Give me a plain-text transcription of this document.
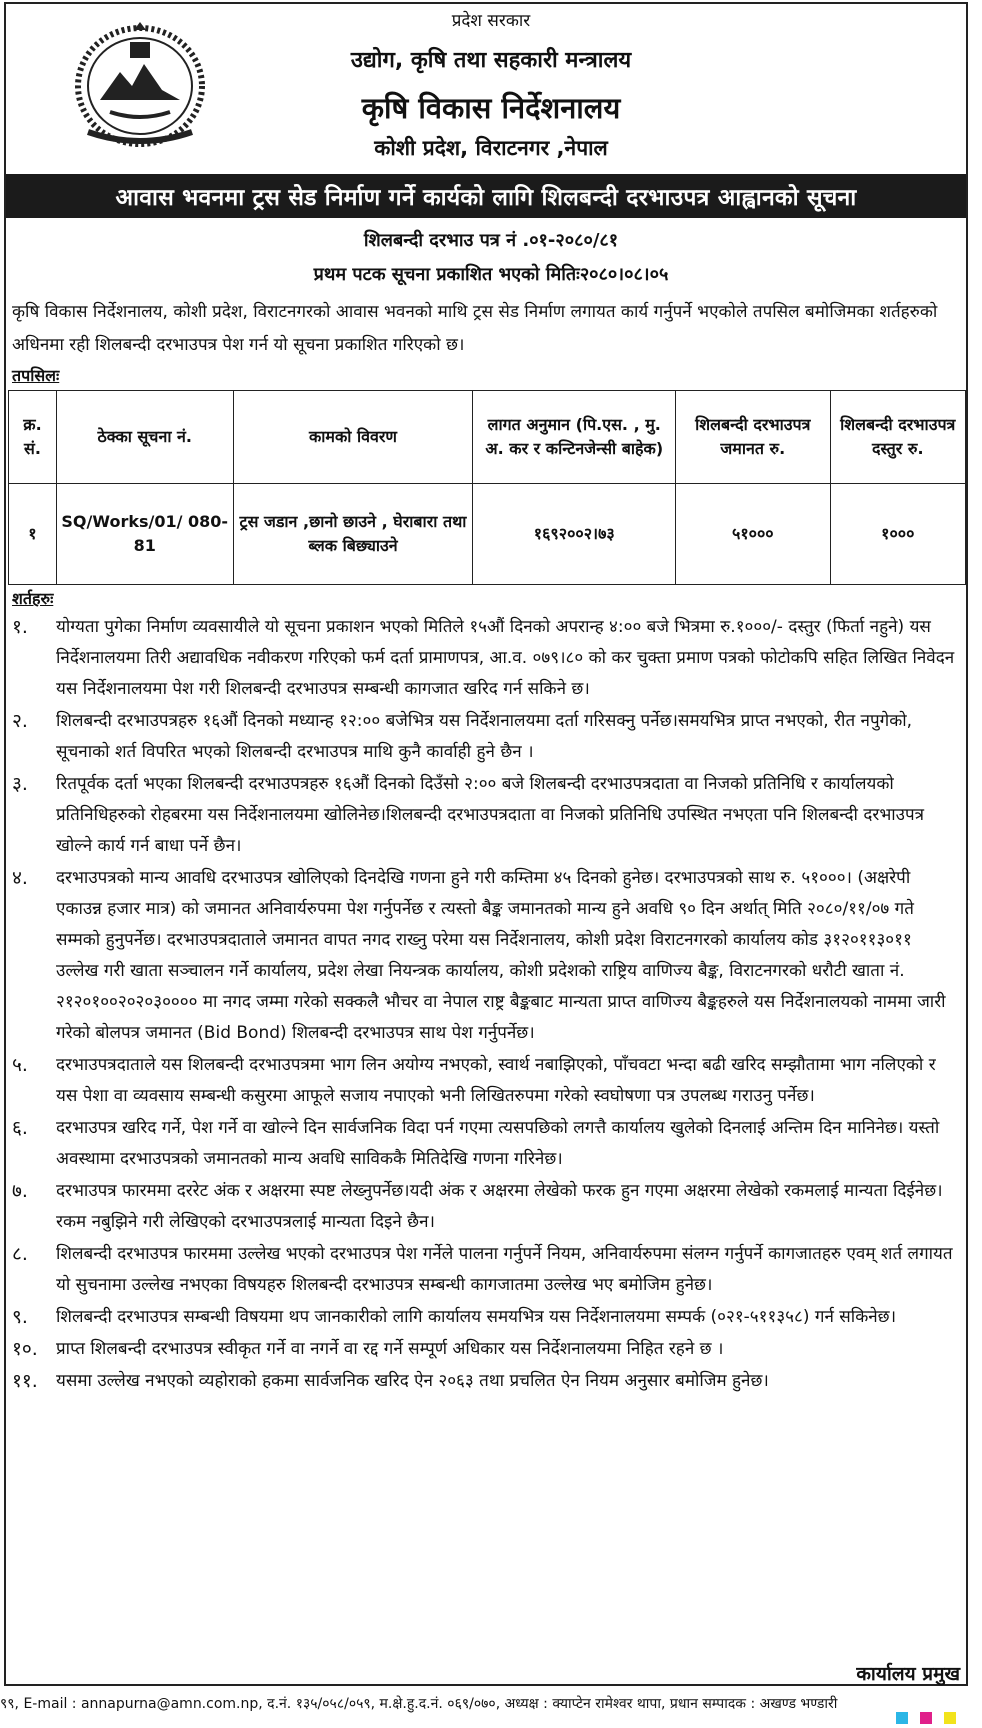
प्रदेश सरकार
उद्योग, कृषि तथा सहकारी मन्त्रालय
कृषि विकास निर्देशनालय
कोशी प्रदेश, विराटनगर ,नेपाल
आवास भवनमा ट्रस सेड निर्माण गर्ने कार्यको लागि शिलबन्दी दरभाउपत्र आह्वानको सूचना
शिलबन्दी दरभाउ पत्र नं .०१-२०८०/८१
प्रथम पटक सूचना प्रकाशित भएको मितिः२०८०।०८।०५
कृषि विकास निर्देशनालय, कोशी प्रदेश, विराटनगरको आवास भवनको माथि ट्रस सेड निर्माण लगायत कार्य गर्नुपर्ने भएकोले तपसिल बमोजिमका शर्तहरुको अधिनमा रही शिलबन्दी दरभाउपत्र पेश गर्न यो सूचना प्रकाशित गरिएको छ।
तपसिलः
क्र. सं.	ठेक्का सूचना नं.	कामको विवरण	लागत अनुमान (पि.एस. , मु. अ. कर र कन्टिनजेन्सी बाहेक)	शिलबन्दी दरभाउपत्र जमानत रु.	शिलबन्दी दरभाउपत्र दस्तुर रु.
१	SQ/Works/01/ 080-81	ट्रस जडान ,छानो छाउने , घेराबारा तथा ब्लक बिछ्याउने	१६९२००२।७३	५१०००	१०००
शर्तहरुः
१.	योग्यता पुगेका निर्माण व्यवसायीले यो सूचना प्रकाशन भएको मितिले १५औं दिनको अपरान्ह ४:०० बजे भित्रमा रु.१०००/- दस्तुर (फिर्ता नहुने) यस निर्देशनालयमा तिरी अद्यावधिक नवीकरण गरिएको फर्म दर्ता प्रामाणपत्र, आ.व. ०७९।८० को कर चुक्ता प्रमाण पत्रको फोटोकपि सहित लिखित निवेदन यस निर्देशनालयमा पेश गरी शिलबन्दी दरभाउपत्र सम्बन्धी कागजात खरिद गर्न सकिने छ।
२.	शिलबन्दी दरभाउपत्रहरु १६औं दिनको मध्यान्ह १२:०० बजेभित्र यस निर्देशनालयमा दर्ता गरिसक्नु पर्नेछ।समयभित्र प्राप्त नभएको, रीत नपुगेको, सूचनाको शर्त विपरित भएको शिलबन्दी दरभाउपत्र माथि कुनै कार्वाही हुने छैन ।
३.	रितपूर्वक दर्ता भएका शिलबन्दी दरभाउपत्रहरु १६औं दिनको दिउँसो २:०० बजे शिलबन्दी दरभाउपत्रदाता वा निजको प्रतिनिधि र कार्यालयको प्रतिनिधिहरुको रोहबरमा यस निर्देशनालयमा खोलिनेछ।शिलबन्दी दरभाउपत्रदाता वा निजको प्रतिनिधि उपस्थित नभएता पनि शिलबन्दी दरभाउपत्र खोल्ने कार्य गर्न बाधा पर्ने छैन।
४.	दरभाउपत्रको मान्य आवधि दरभाउपत्र खोलिएको दिनदेखि गणना हुने गरी कम्तिमा ४५ दिनको हुनेछ। दरभाउपत्रको साथ रु. ५१०००। (अक्षरेपी एकाउन्न हजार मात्र) को जमानत अनिवार्यरुपमा पेश गर्नुपर्नेछ र त्यस्तो बैङ्क जमानतको मान्य हुने अवधि ९० दिन अर्थात् मिति २०८०/११/०७ गते सम्मको हुनुपर्नेछ। दरभाउपत्रदाताले जमानत वापत नगद राख्नु परेमा यस निर्देशनालय, कोशी प्रदेश विराटनगरको कार्यालय कोड ३१२०११३०११ उल्लेख गरी खाता सञ्चालन गर्ने कार्यालय, प्रदेश लेखा नियन्त्रक कार्यालय, कोशी प्रदेशको राष्ट्रिय वाणिज्य बैङ्क, विराटनगरको धरौटी खाता नं. २१२०१००२०२०३०००० मा नगद जम्मा गरेको सक्कलै भौचर वा नेपाल राष्ट्र बैङ्कबाट मान्यता प्राप्त वाणिज्य बैङ्कहरुले यस निर्देशनालयको नाममा जारी गरेको बोलपत्र जमानत (Bid Bond) शिलबन्दी दरभाउपत्र साथ पेश गर्नुपर्नेछ।
५.	दरभाउपत्रदाताले यस शिलबन्दी दरभाउपत्रमा भाग लिन अयोग्य नभएको, स्वार्थ नबाझिएको, पाँचवटा भन्दा बढी खरिद सम्झौतामा भाग नलिएको र यस पेशा वा व्यवसाय सम्बन्धी कसुरमा आफूले सजाय नपाएको भनी लिखितरुपमा गरेको स्वघोषणा पत्र उपलब्ध गराउनु पर्नेछ।
६.	दरभाउपत्र खरिद गर्ने, पेश गर्ने वा खोल्ने दिन सार्वजनिक विदा पर्न गएमा त्यसपछिको लगत्तै कार्यालय खुलेको दिनलाई अन्तिम दिन मानिनेछ। यस्तो अवस्थामा दरभाउपत्रको जमानतको मान्य अवधि साविककै मितिदेखि गणना गरिनेछ।
७.	दरभाउपत्र फारममा दररेट अंक र अक्षरमा स्पष्ट लेख्नुपर्नेछ।यदी अंक र अक्षरमा लेखेको फरक हुन गएमा अक्षरमा लेखेको रकमलाई मान्यता दिईनेछ। रकम नबुझिने गरी लेखिएको दरभाउपत्रलाई मान्यता दिइने छैन।
८.	शिलबन्दी दरभाउपत्र फारममा उल्लेख भएको दरभाउपत्र पेश गर्नेले पालना गर्नुपर्ने नियम, अनिवार्यरुपमा संलग्न गर्नुपर्ने कागजातहरु एवम् शर्त लगायत यो सुचनामा उल्लेख नभएका विषयहरु शिलबन्दी दरभाउपत्र सम्बन्धी कागजातमा उल्लेख भए बमोजिम हुनेछ।
९.	शिलबन्दी दरभाउपत्र सम्बन्धी विषयमा थप जानकारीको लागि कार्यालय समयभित्र यस निर्देशनालयमा सम्पर्क (०२१-५११३५८) गर्न सकिनेछ।
१०.	प्राप्त शिलबन्दी दरभाउपत्र स्वीकृत गर्ने वा नगर्ने वा रद्द गर्ने सम्पूर्ण अधिकार यस निर्देशनालयमा निहित रहने छ ।
११.	यसमा उल्लेख नभएको व्यहोराको हकमा सार्वजनिक खरिद ऐन २०६३ तथा प्रचलित ऐन नियम अनुसार बमोजिम हुनेछ।
कार्यालय प्रमुख
९९, E-mail : annapurna@amn.com.np, द.नं. १३५/०५८/०५९, म.क्षे.हु.द.नं. ०६९/०७०, अध्यक्ष : क्याप्टेन रामेश्वर थापा, प्रधान सम्पादक : अखण्ड भण्डारी
